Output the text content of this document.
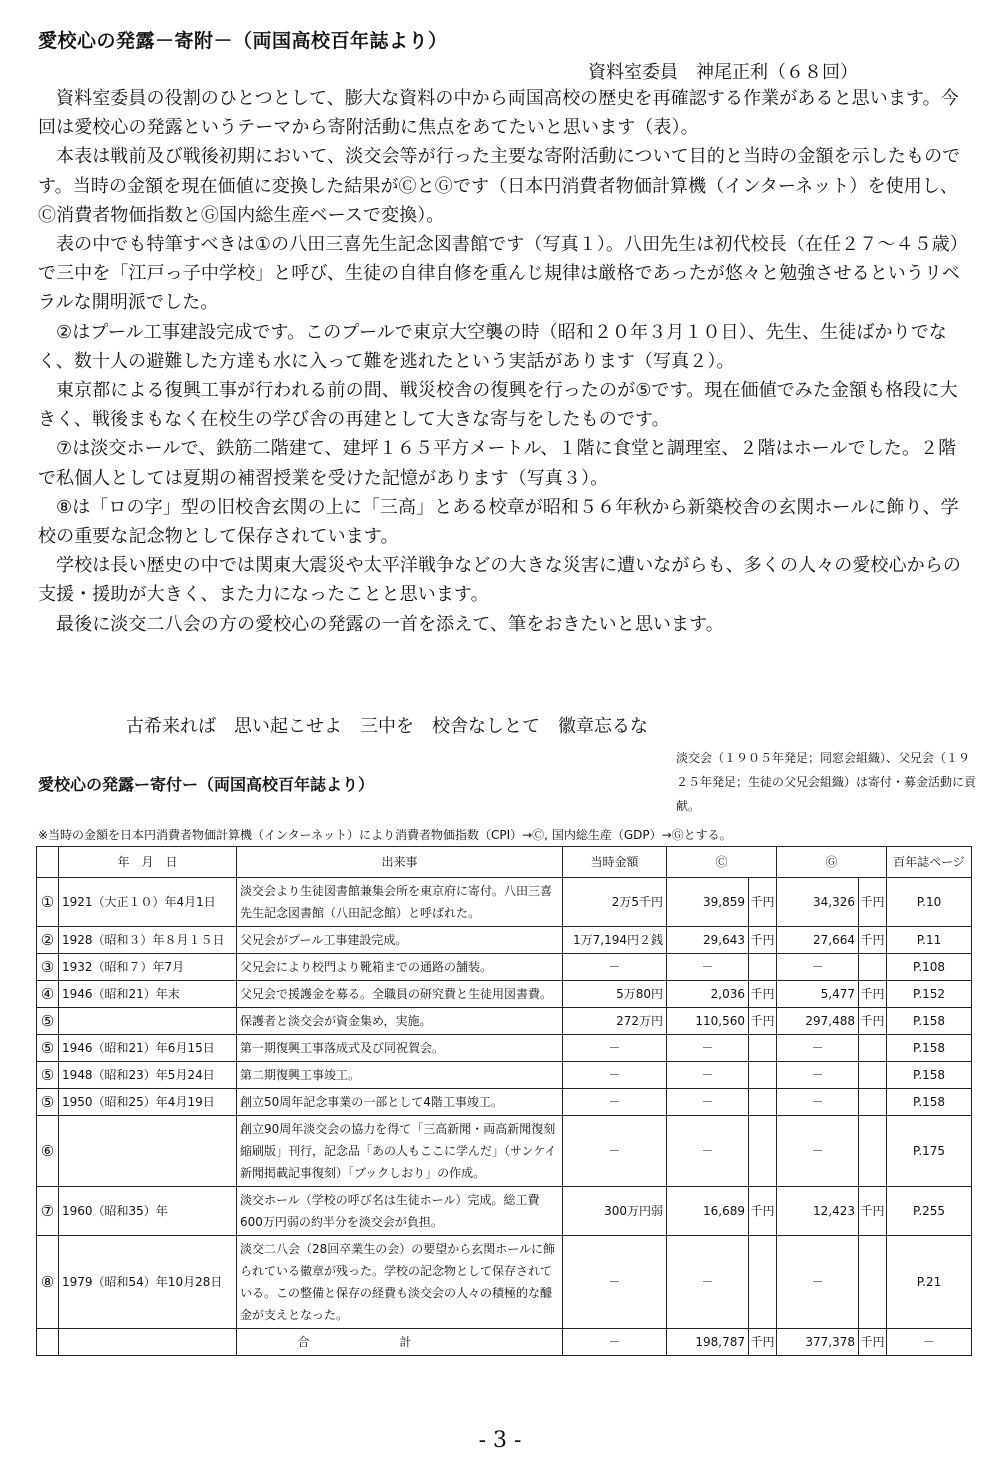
愛校心の発露－寄附－（両国高校百年誌より）
資料室委員　神尾正利（６８回）

資料室委員の役割のひとつとして、膨大な資料の中から両国高校の歴史を再確認する作業があると思います。今回は愛校心の発露というテーマから寄附活動に焦点をあてたいと思います（表）。

本表は戦前及び戦後初期において、淡交会等が行った主要な寄附活動について目的と当時の金額を示したものです。当時の金額を現在価値に変換した結果がⒸとⒼです（日本円消費者物価計算機（インターネット）を使用し、Ⓒ消費者物価指数とⒼ国内総生産ベースで変換）。

表の中でも特筆すべきは①の八田三喜先生記念図書館です（写真１）。八田先生は初代校長（在任２７～４５歳）で三中を「江戸っ子中学校」と呼び、生徒の自律自修を重んじ規律は厳格であったが悠々と勉強させるというリベラルな開明派でした。

②はプール工事建設完成です。このプールで東京大空襲の時（昭和２０年３月１０日）、先生、生徒ばかりでなく、数十人の避難した方達も水に入って難を逃れたという実話があります（写真２）。

東京都による復興工事が行われる前の間、戦災校舎の復興を行ったのが⑤です。現在価値でみた金額も格段に大きく、戦後まもなく在校生の学び舎の再建として大きな寄与をしたものです。

⑦は淡交ホールで、鉄筋二階建て、建坪１６５平方メートル、１階に食堂と調理室、２階はホールでした。２階で私個人としては夏期の補習授業を受けた記憶があります（写真３）。

⑧は「ロの字」型の旧校舎玄関の上に「三高」とある校章が昭和５６年秋から新築校舎の玄関ホールに飾り、学校の重要な記念物として保存されています。

学校は長い歴史の中では関東大震災や太平洋戦争などの大きな災害に遭いながらも、多くの人々の愛校心からの支援・援助が大きく、また力になったことと思います。

最後に淡交二八会の方の愛校心の発露の一首を添えて、筆をおきたいと思います。

古希来れば　思い起こせよ　三中を　校舎なしとて　徽章忘るな
淡交会（１９０５年発足；同窓会組織）、父兄会（１９２５年発足；生徒の父兄会組織）は寄付・募金活動に貢献。
愛校心の発露ー寄付ー（両国高校百年誌より）
※当時の金額を日本円消費者物価計算機（インターネット）により消費者物価指数（CPI）→Ⓒ, 国内総生産（GDP）→Ⓖとする。
	年　月　日	出来事	当時金額	Ⓒ		Ⓖ		百年誌ページ
①	1921（大正１０）年4月1日	淡交会より生徒図書館兼集会所を東京府に寄付。八田三喜先生記念図書館（八田記念館）と呼ばれた。	2万5千円	39,859	千円	34,326	千円	P.10
②	1928（昭和３）年８月１５日	父兄会がプール工事建設完成。	1万7,194円２銭	29,643	千円	27,664	千円	P.11
③	1932（昭和７）年7月	父兄会により校門より靴箱までの通路の舗装。	－	－		－		P.108
④	1946（昭和21）年末	父兄会で援護金を募る。全職員の研究費と生徒用図書費。	5万80円	2,036	千円	5,477	千円	P.152
⑤		保護者と淡交会が資金集め，実施。	272万円	110,560	千円	297,488	千円	P.158
⑤	1946（昭和21）年6月15日	第一期復興工事落成式及び同祝賀会。	－	－		－		P.158
⑤	1948（昭和23）年5月24日	第二期復興工事竣工。	－	－		－		P.158
⑤	1950（昭和25）年4月19日	創立50周年記念事業の一部として4階工事竣工。	－	－		－		P.158
⑥		創立90周年淡交会の協力を得て「三高新聞・両高新聞復刻縮刷版」刊行，記念品「あの人もここに学んだ」（サンケイ新聞掲載記事復刻）「ブックしおり」の作成。	－	－		－		P.175
⑦	1960（昭和35）年	淡交ホール（学校の呼び名は生徒ホール）完成。総工費600万円弱の約半分を淡交会が負担。	300万円弱	16,689	千円	12,423	千円	P.255
⑧	1979（昭和54）年10月28日	淡交二八会（28回卒業生の会）の要望から玄関ホールに飾られている徽章が残った。学校の記念物として保存されている。この整備と保存の経費も淡交会の人々の積極的な醵金が支えとなった。	－	－		－		P.21
		合計	－	198,787	千円	377,378	千円	－
- 3 -
